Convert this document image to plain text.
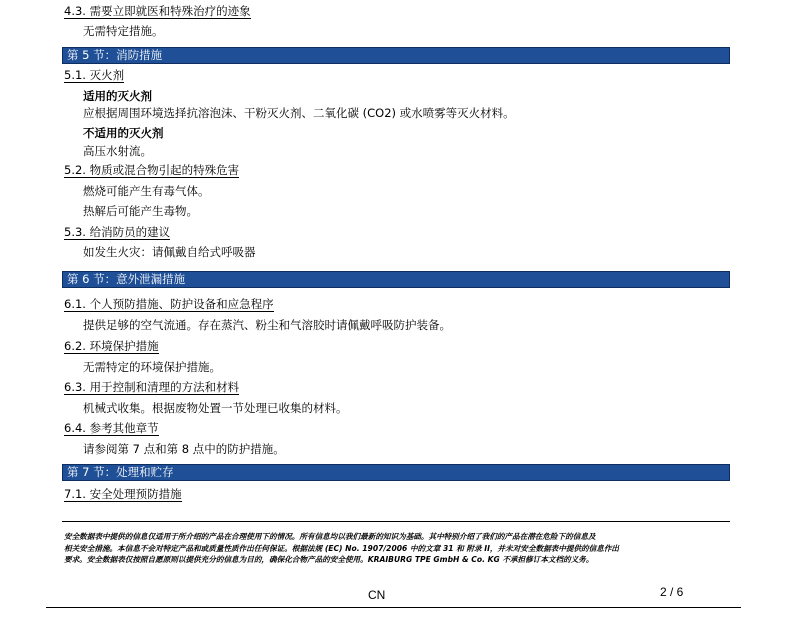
4.3. 需要立即就医和特殊治疗的迹象
无需特定措施。
第 5 节：消防措施
5.1. 灭火剂
适用的灭火剂
应根据周围环境选择抗溶泡沫、干粉灭火剂、二氧化碳 (CO2) 或水喷雾等灭火材料。
不适用的灭火剂
高压水射流。
5.2. 物质或混合物引起的特殊危害
燃烧可能产生有毒气体。
热解后可能产生毒物。
5.3. 给消防员的建议
如发生火灾：请佩戴自给式呼吸器
第 6 节：意外泄漏措施
6.1. 个人预防措施、防护设备和应急程序
提供足够的空气流通。存在蒸汽、粉尘和气溶胶时请佩戴呼吸防护装备。
6.2. 环境保护措施
无需特定的环境保护措施。
6.3. 用于控制和清理的方法和材料
机械式收集。根据废物处置一节处理已收集的材料。
6.4. 参考其他章节
请参阅第 7 点和第 8 点中的防护措施。
第 7 节：处理和贮存
7.1. 安全处理预防措施

安全数据表中提供的信息仅适用于所介绍的产品在合理使用下的情况。所有信息均以我们最新的知识为基础。其中特别介绍了我们的产品在潜在危险下的信息及

相关安全措施。本信息不会对特定产品和或质量性质作出任何保证。根据法规 (EC) No. 1907/2006 中的文章 31 和 附录 II，并未对安全数据表中提供的信息作出

要求。安全数据表仅按照自愿原则以提供充分的信息为目的，确保化合物产品的安全使用。KRAIBURG TPE GmbH & Co. KG 不承担修订本文档的义务。

CN	2 / 6
